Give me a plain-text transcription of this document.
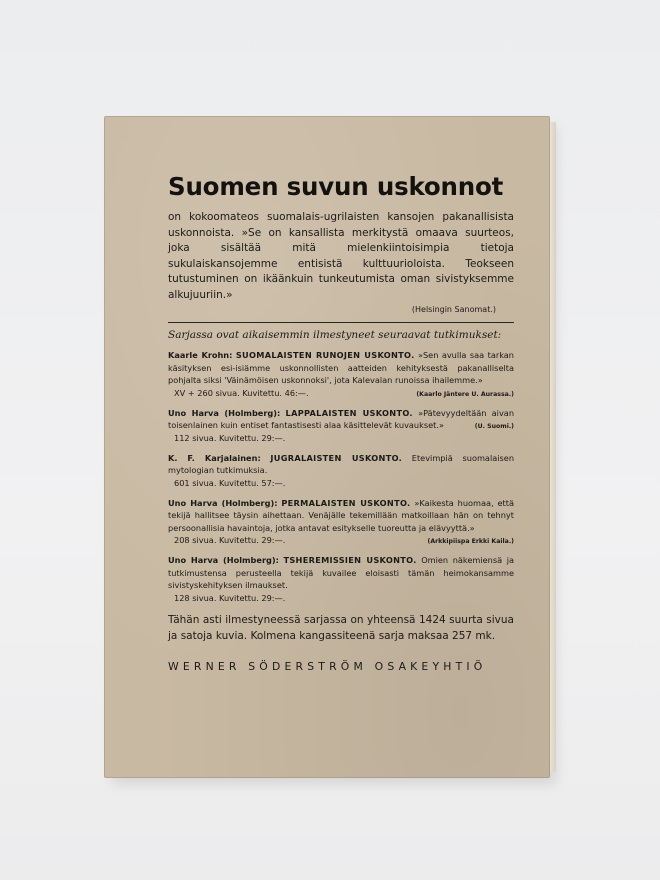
Suomen suvun uskonnot
on kokoomateos suomalais-ugrilaisten kansojen pakanallisista uskonnoista. »Se on kansallista merkitystä omaava suurteos, joka sisältää mitä mielenkiintoisimpia tietoja sukulaiskansojemme entisistä kulttuurioloista. Teokseen tutustuminen on ikäänkuin tunkeutumista oman sivistyksemme alkujuuriin.»
(Helsingin Sanomat.)
Sarjassa ovat aikaisemmin ilmestyneet seuraavat tutkimukset:
Kaarle Krohn: SUOMALAISTEN RUNOJEN USKONTO. »Sen avulla saa tarkan käsityksen esi-isiämme uskonnollisten aatteiden kehityksestä pakanalliselta pohjalta siksi 'Väinämöisen uskonnoksi', jota Kalevalan runoissa ihailemme.»
(Kaarlo Jäntere U. Aurassa.)
XV + 260 sivua. Kuvitettu. 46:—.
Uno Harva (Holmberg): LAPPALAISTEN USKONTO. »Pätevyydeltään aivan toisenlainen kuin entiset fantastisesti alaa käsittelevät kuvaukset.»	(U. Suomi.)
112 sivua. Kuvitettu. 29:—.
K. F. Karjalainen: JUGRALAISTEN USKONTO. Etevimpiä suomalaisen mytologian tutkimuksia.
601 sivua. Kuvitettu. 57:—.
Uno Harva (Holmberg): PERMALAISTEN USKONTO. »Kaikesta huomaa, että tekijä hallitsee täysin aihettaan. Venäjälle tekemillään matkoillaan hän on tehnyt persoonallisia havaintoja, jotka antavat esitykselle tuoreutta ja elävyyttä.»
(Arkkipiispa Erkki Kaila.)
208 sivua. Kuvitettu. 29:—.
Uno Harva (Holmberg): TSHEREMISSIEN USKONTO. Omien näkemiensä ja tutkimustensa perusteella tekijä kuvailee eloisasti tämän heimokansamme sivistyskehityksen ilmaukset.
128 sivua. Kuvitettu. 29:—.
Tähän asti ilmestyneessä sarjassa on yhteensä 1424 suurta sivua ja satoja kuvia. Kolmena kangassiteenä sarja maksaa 257 mk.
WERNER SÖDERSTRÖM OSAKEYHTIÖ
